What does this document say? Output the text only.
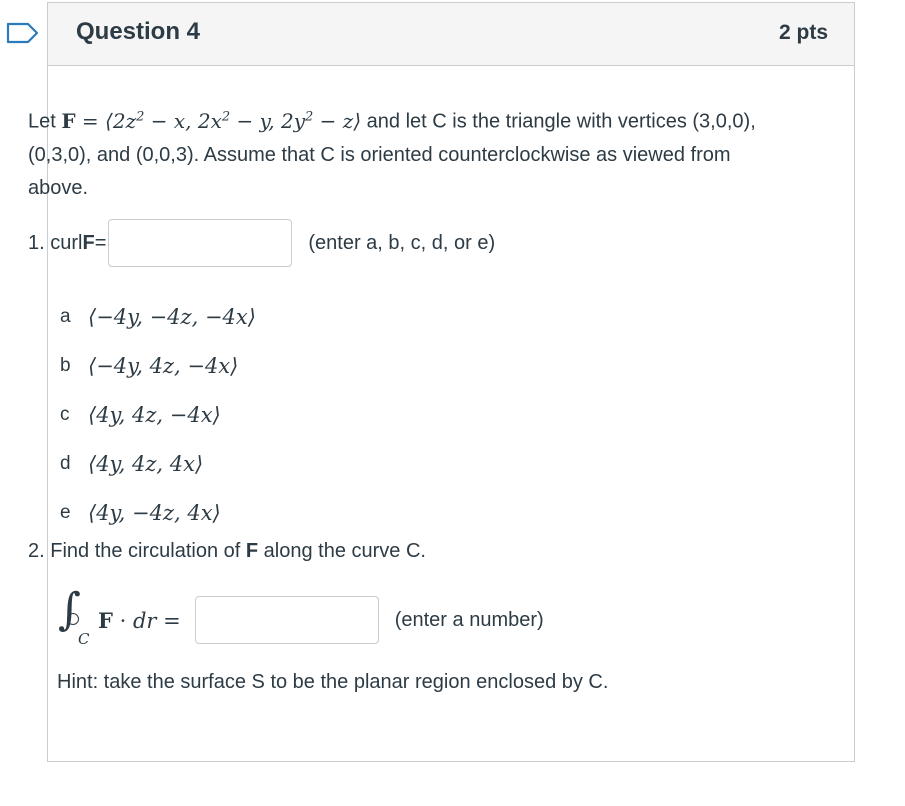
Question 4	2 pts
Let $F = ⟨2z^2 - x$, $2x^2 - y$, $2y^2$ − z⟩ and let C is the triangle with vertices (3,0,0), (0,3,0), and (0,0,3). Assume that C is oriented counterclockwise as viewed from above.
1. curl F =	(enter a, b, c, d, or e)
a ⟨−4y, −4z, −4x⟩
b ⟨−4y, 4z, −4x⟩
c ⟨4y, 4z, −4x⟩
d ⟨4y, 4z, 4x⟩
e ⟨4y, −4z, 4x⟩
2. Find the circulation of F along the curve C.
∫
C
F · dr =	(enter a number)
Hint: take the surface S to be the planar region enclosed by C.
